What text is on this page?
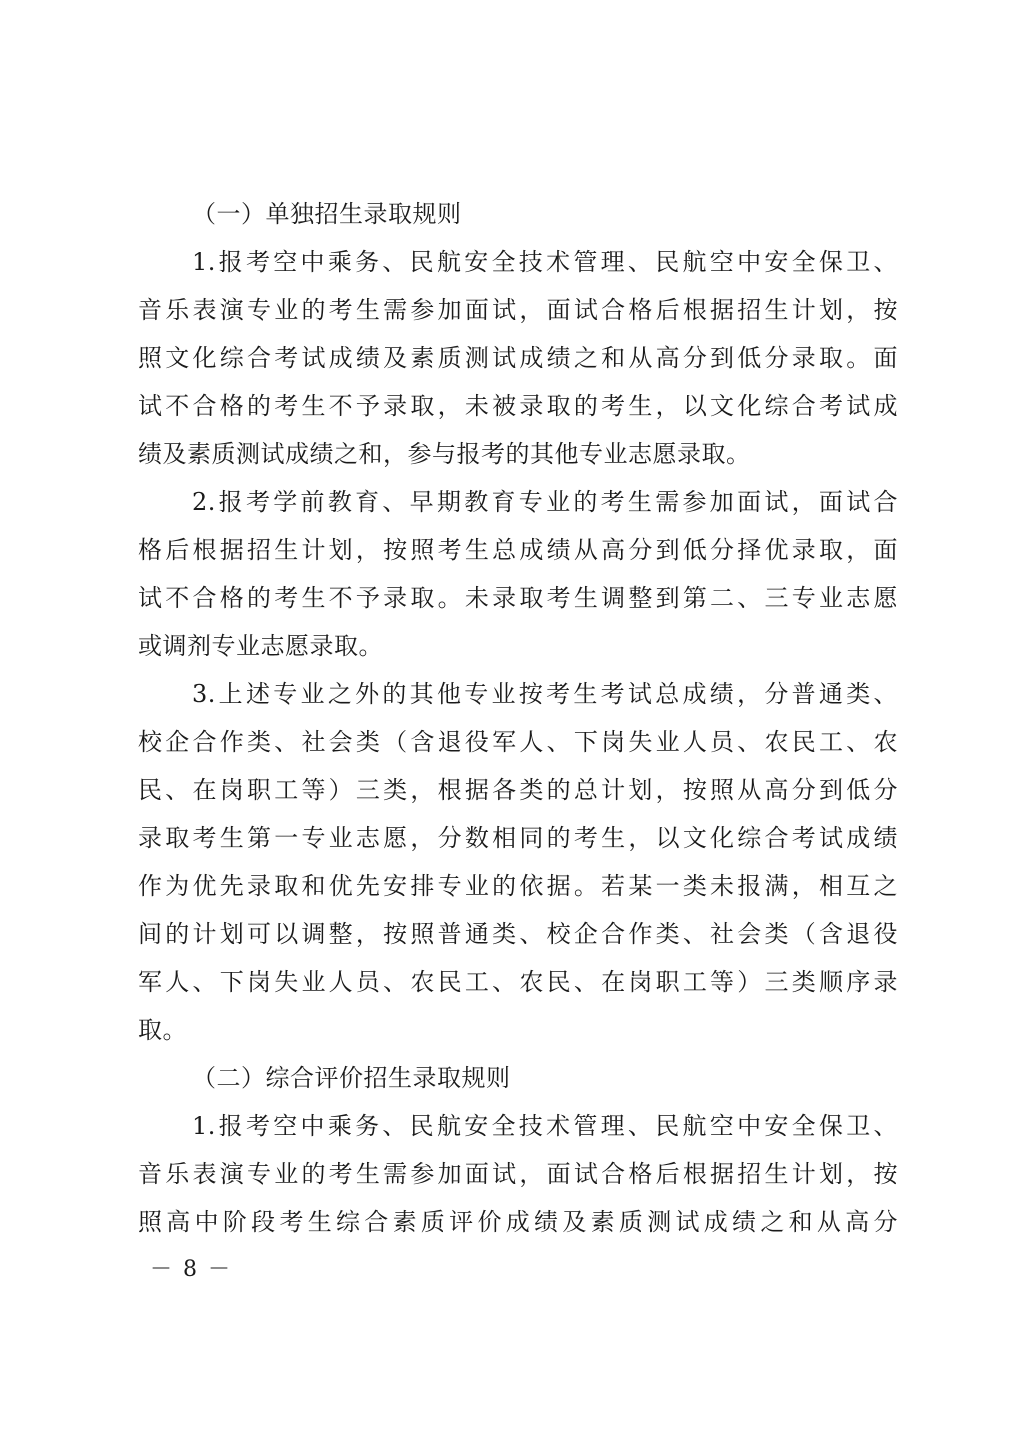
（一）单独招生录取规则
1.报考空中乘务、民航安全技术管理、民航空中安全保卫、
音乐表演专业的考生需参加面试，面试合格后根据招生计划，按
照文化综合考试成绩及素质测试成绩之和从高分到低分录取。面
试不合格的考生不予录取，未被录取的考生，以文化综合考试成
绩及素质测试成绩之和，参与报考的其他专业志愿录取。
2.报考学前教育、早期教育专业的考生需参加面试，面试合
格后根据招生计划，按照考生总成绩从高分到低分择优录取，面
试不合格的考生不予录取。未录取考生调整到第二、三专业志愿
或调剂专业志愿录取。
3.上述专业之外的其他专业按考生考试总成绩，分普通类、
校企合作类、社会类（含退役军人、下岗失业人员、农民工、农
民、在岗职工等）三类，根据各类的总计划，按照从高分到低分
录取考生第一专业志愿，分数相同的考生，以文化综合考试成绩
作为优先录取和优先安排专业的依据。若某一类未报满，相互之
间的计划可以调整，按照普通类、校企合作类、社会类（含退役
军人、下岗失业人员、农民工、农民、在岗职工等）三类顺序录
取。
（二）综合评价招生录取规则
1.报考空中乘务、民航安全技术管理、民航空中安全保卫、
音乐表演专业的考生需参加面试，面试合格后根据招生计划，按
照高中阶段考生综合素质评价成绩及素质测试成绩之和从高分
－ 8 －
